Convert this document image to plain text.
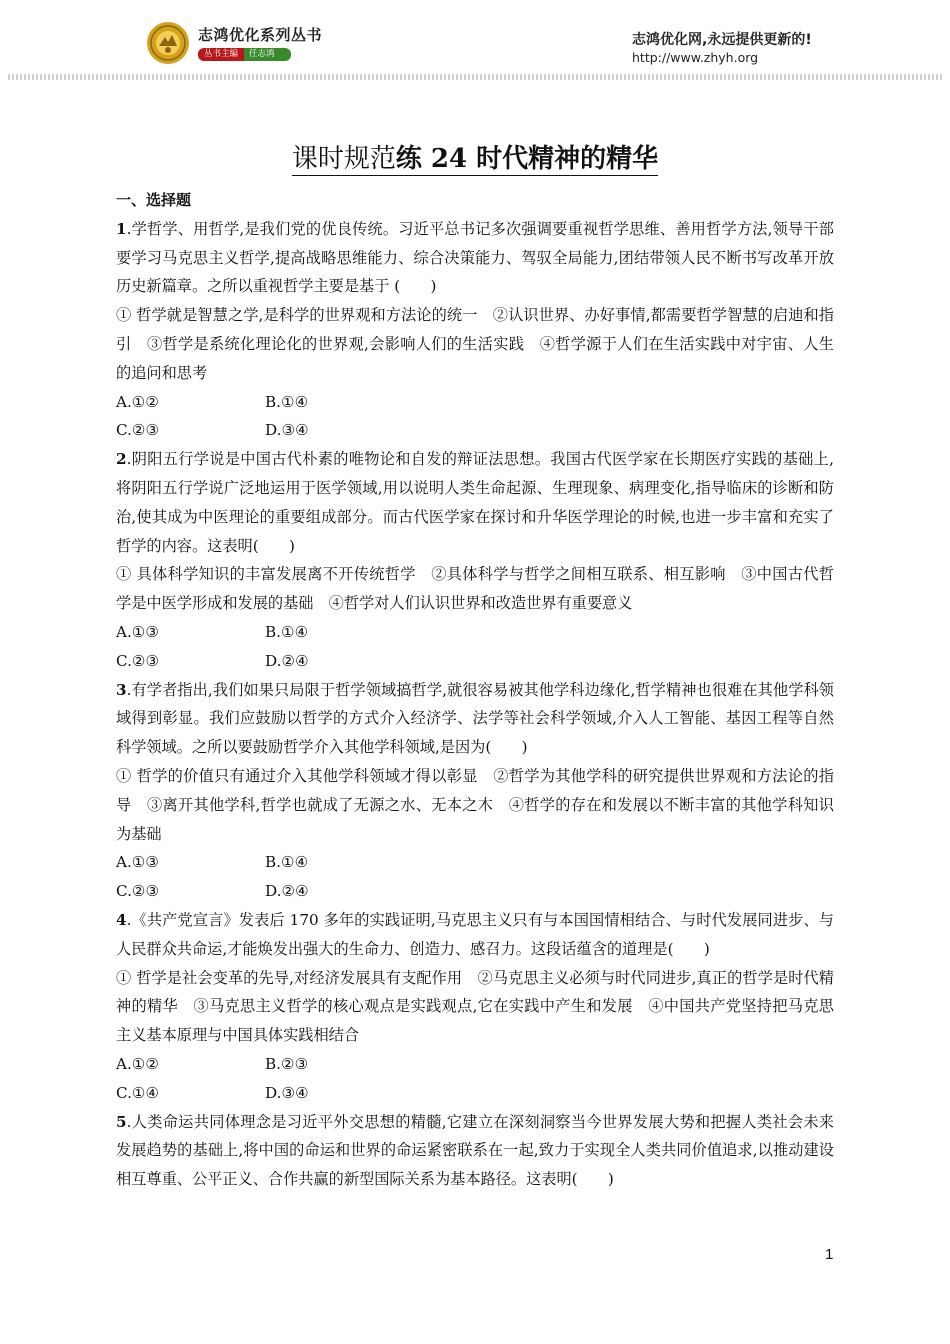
志鸿优化系列丛书
丛书主编	任志鸿
志鸿优化网,永远提供更新的!
http://www.zhyh.org
课时规范练 24 时代精神的精华

一、选择题

1.学哲学、用哲学,是我们党的优良传统。习近平总书记多次强调要重视哲学思维、善用哲学方法,领导干部要学习马克思主义哲学,提高战略思维能力、综合决策能力、驾驭全局能力,团结带领人民不断书写改革开放历史新篇章。之所以重视哲学主要是基于 (　　)

① 哲学就是智慧之学,是科学的世界观和方法论的统一　②认识世界、办好事情,都需要哲学智慧的启迪和指引　③哲学是系统化理论化的世界观,会影响人们的生活实践　④哲学源于人们在生活实践中对宇宙、人生的追问和思考

A.①②	B.①④
C.②③	D.③④

2.阴阳五行学说是中国古代朴素的唯物论和自发的辩证法思想。我国古代医学家在长期医疗实践的基础上,将阴阳五行学说广泛地运用于医学领域,用以说明人类生命起源、生理现象、病理变化,指导临床的诊断和防治,使其成为中医理论的重要组成部分。而古代医学家在探讨和升华医学理论的时候,也进一步丰富和充实了哲学的内容。这表明(　　)

① 具体科学知识的丰富发展离不开传统哲学　②具体科学与哲学之间相互联系、相互影响　③中国古代哲学是中医学形成和发展的基础　④哲学对人们认识世界和改造世界有重要意义

A.①③	B.①④
C.②③	D.②④

3.有学者指出,我们如果只局限于哲学领域搞哲学,就很容易被其他学科边缘化,哲学精神也很难在其他学科领域得到彰显。我们应鼓励以哲学的方式介入经济学、法学等社会科学领域,介入人工智能、基因工程等自然科学领域。之所以要鼓励哲学介入其他学科领域,是因为(　　)

① 哲学的价值只有通过介入其他学科领域才得以彰显　②哲学为其他学科的研究提供世界观和方法论的指导　③离开其他学科,哲学也就成了无源之水、无本之木　④哲学的存在和发展以不断丰富的其他学科知识为基础

A.①③	B.①④
C.②③	D.②④

4.《共产党宣言》发表后 170 多年的实践证明,马克思主义只有与本国国情相结合、与时代发展同进步、与人民群众共命运,才能焕发出强大的生命力、创造力、感召力。这段话蕴含的道理是(　　)

① 哲学是社会变革的先导,对经济发展具有支配作用　②马克思主义必须与时代同进步,真正的哲学是时代精神的精华　③马克思主义哲学的核心观点是实践观点,它在实践中产生和发展　④中国共产党坚持把马克思主义基本原理与中国具体实践相结合

A.①②	B.②③
C.①④	D.③④

5.人类命运共同体理念是习近平外交思想的精髓,它建立在深刻洞察当今世界发展大势和把握人类社会未来发展趋势的基础上,将中国的命运和世界的命运紧密联系在一起,致力于实现全人类共同价值追求,以推动建设相互尊重、公平正义、合作共赢的新型国际关系为基本路径。这表明(　　)

1
